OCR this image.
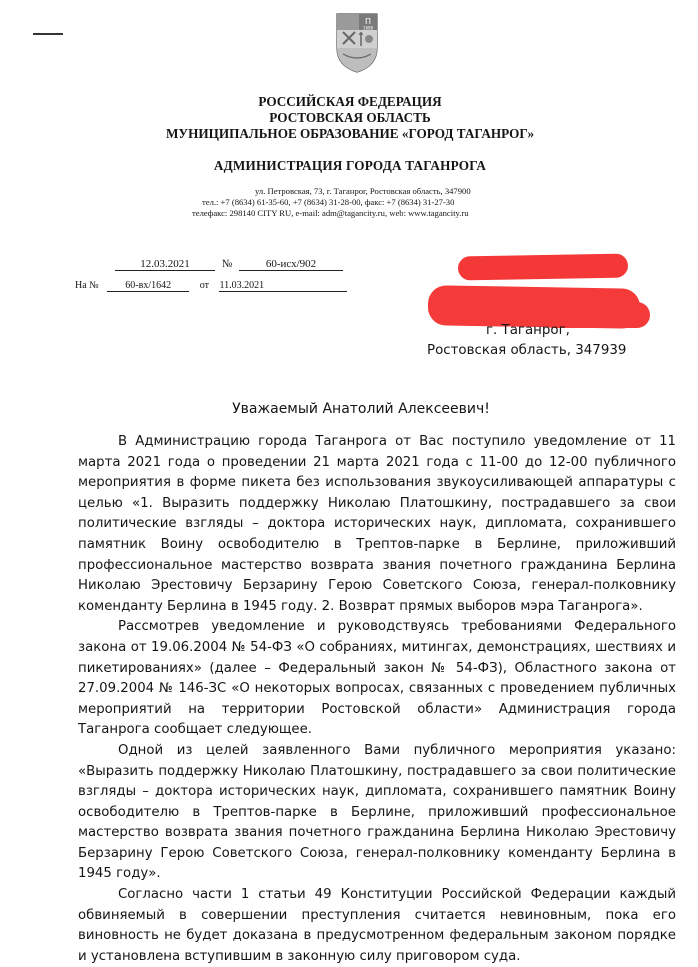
П
1698
РОССИЙСКАЯ ФЕДЕРАЦИЯ
РОСТОВСКАЯ ОБЛАСТЬ
МУНИЦИПАЛЬНОЕ ОБРАЗОВАНИЕ «ГОРОД ТАГАНРОГ»
АДМИНИСТРАЦИЯ ГОРОДА ТАГАНРОГА
ул. Петровская, 73, г. Таганрог, Ростовская область, 347900
тел.: +7 (8634) 61-35-60, +7 (8634) 31-28-00, факс: +7 (8634) 31-27-30
телефакс: 298140 CITY RU, e-mail: adm@tagancity.ru, web: www.tagancity.ru
12.03.2021	№	60-исх/902
На №	60-вх/1642	от 11.03.2021
г. Таганрог,
Ростовская область, 347939
Уважаемый Анатолий Алексеевич!

В Администрацию города Таганрога от Вас поступило уведомление от 11 марта 2021 года о проведении 21 марта 2021 года с 11-00 до 12-00 публичного мероприятия в форме пикета без использования звукоусиливающей аппаратуры с целью «1. Выразить поддержку Николаю Платошкину, пострадавшего за свои политические взгляды – доктора исторических наук, дипломата, сохранившего памятник Воину освободителю в Трептов-парке в Берлине, приложивший профессиональное мастерство возврата звания почетного гражданина Берлина Николаю Эрестовичу Берзарину Герою Советского Союза, генерал-полковнику коменданту Берлина в 1945 году. 2. Возврат прямых выборов мэра Таганрога».

Рассмотрев уведомление и руководствуясь требованиями Федерального закона от 19.06.2004 № 54-ФЗ «О собраниях, митингах, демонстрациях, шествиях и пикетированиях» (далее – Федеральный закон № 54-ФЗ), Областного закона от 27.09.2004 № 146-ЗС «О некоторых вопросах, связанных с проведением публичных мероприятий на территории Ростовской области» Администрация города Таганрога сообщает следующее.

Одной из целей заявленного Вами публичного мероприятия указано: «Выразить поддержку Николаю Платошкину, пострадавшего за свои политические взгляды – доктора исторических наук, дипломата, сохранившего памятник Воину освободителю в Трептов-парке в Берлине, приложивший профессиональное мастерство возврата звания почетного гражданина Берлина Николаю Эрестовичу Берзарину Герою Советского Союза, генерал-полковнику коменданту Берлина в 1945 году».

Согласно части 1 статьи 49 Конституции Российской Федерации каждый обвиняемый в совершении преступления считается невиновным, пока его виновность не будет доказана в предусмотренном федеральным законом порядке и установлена вступившим в законную силу приговором суда.
